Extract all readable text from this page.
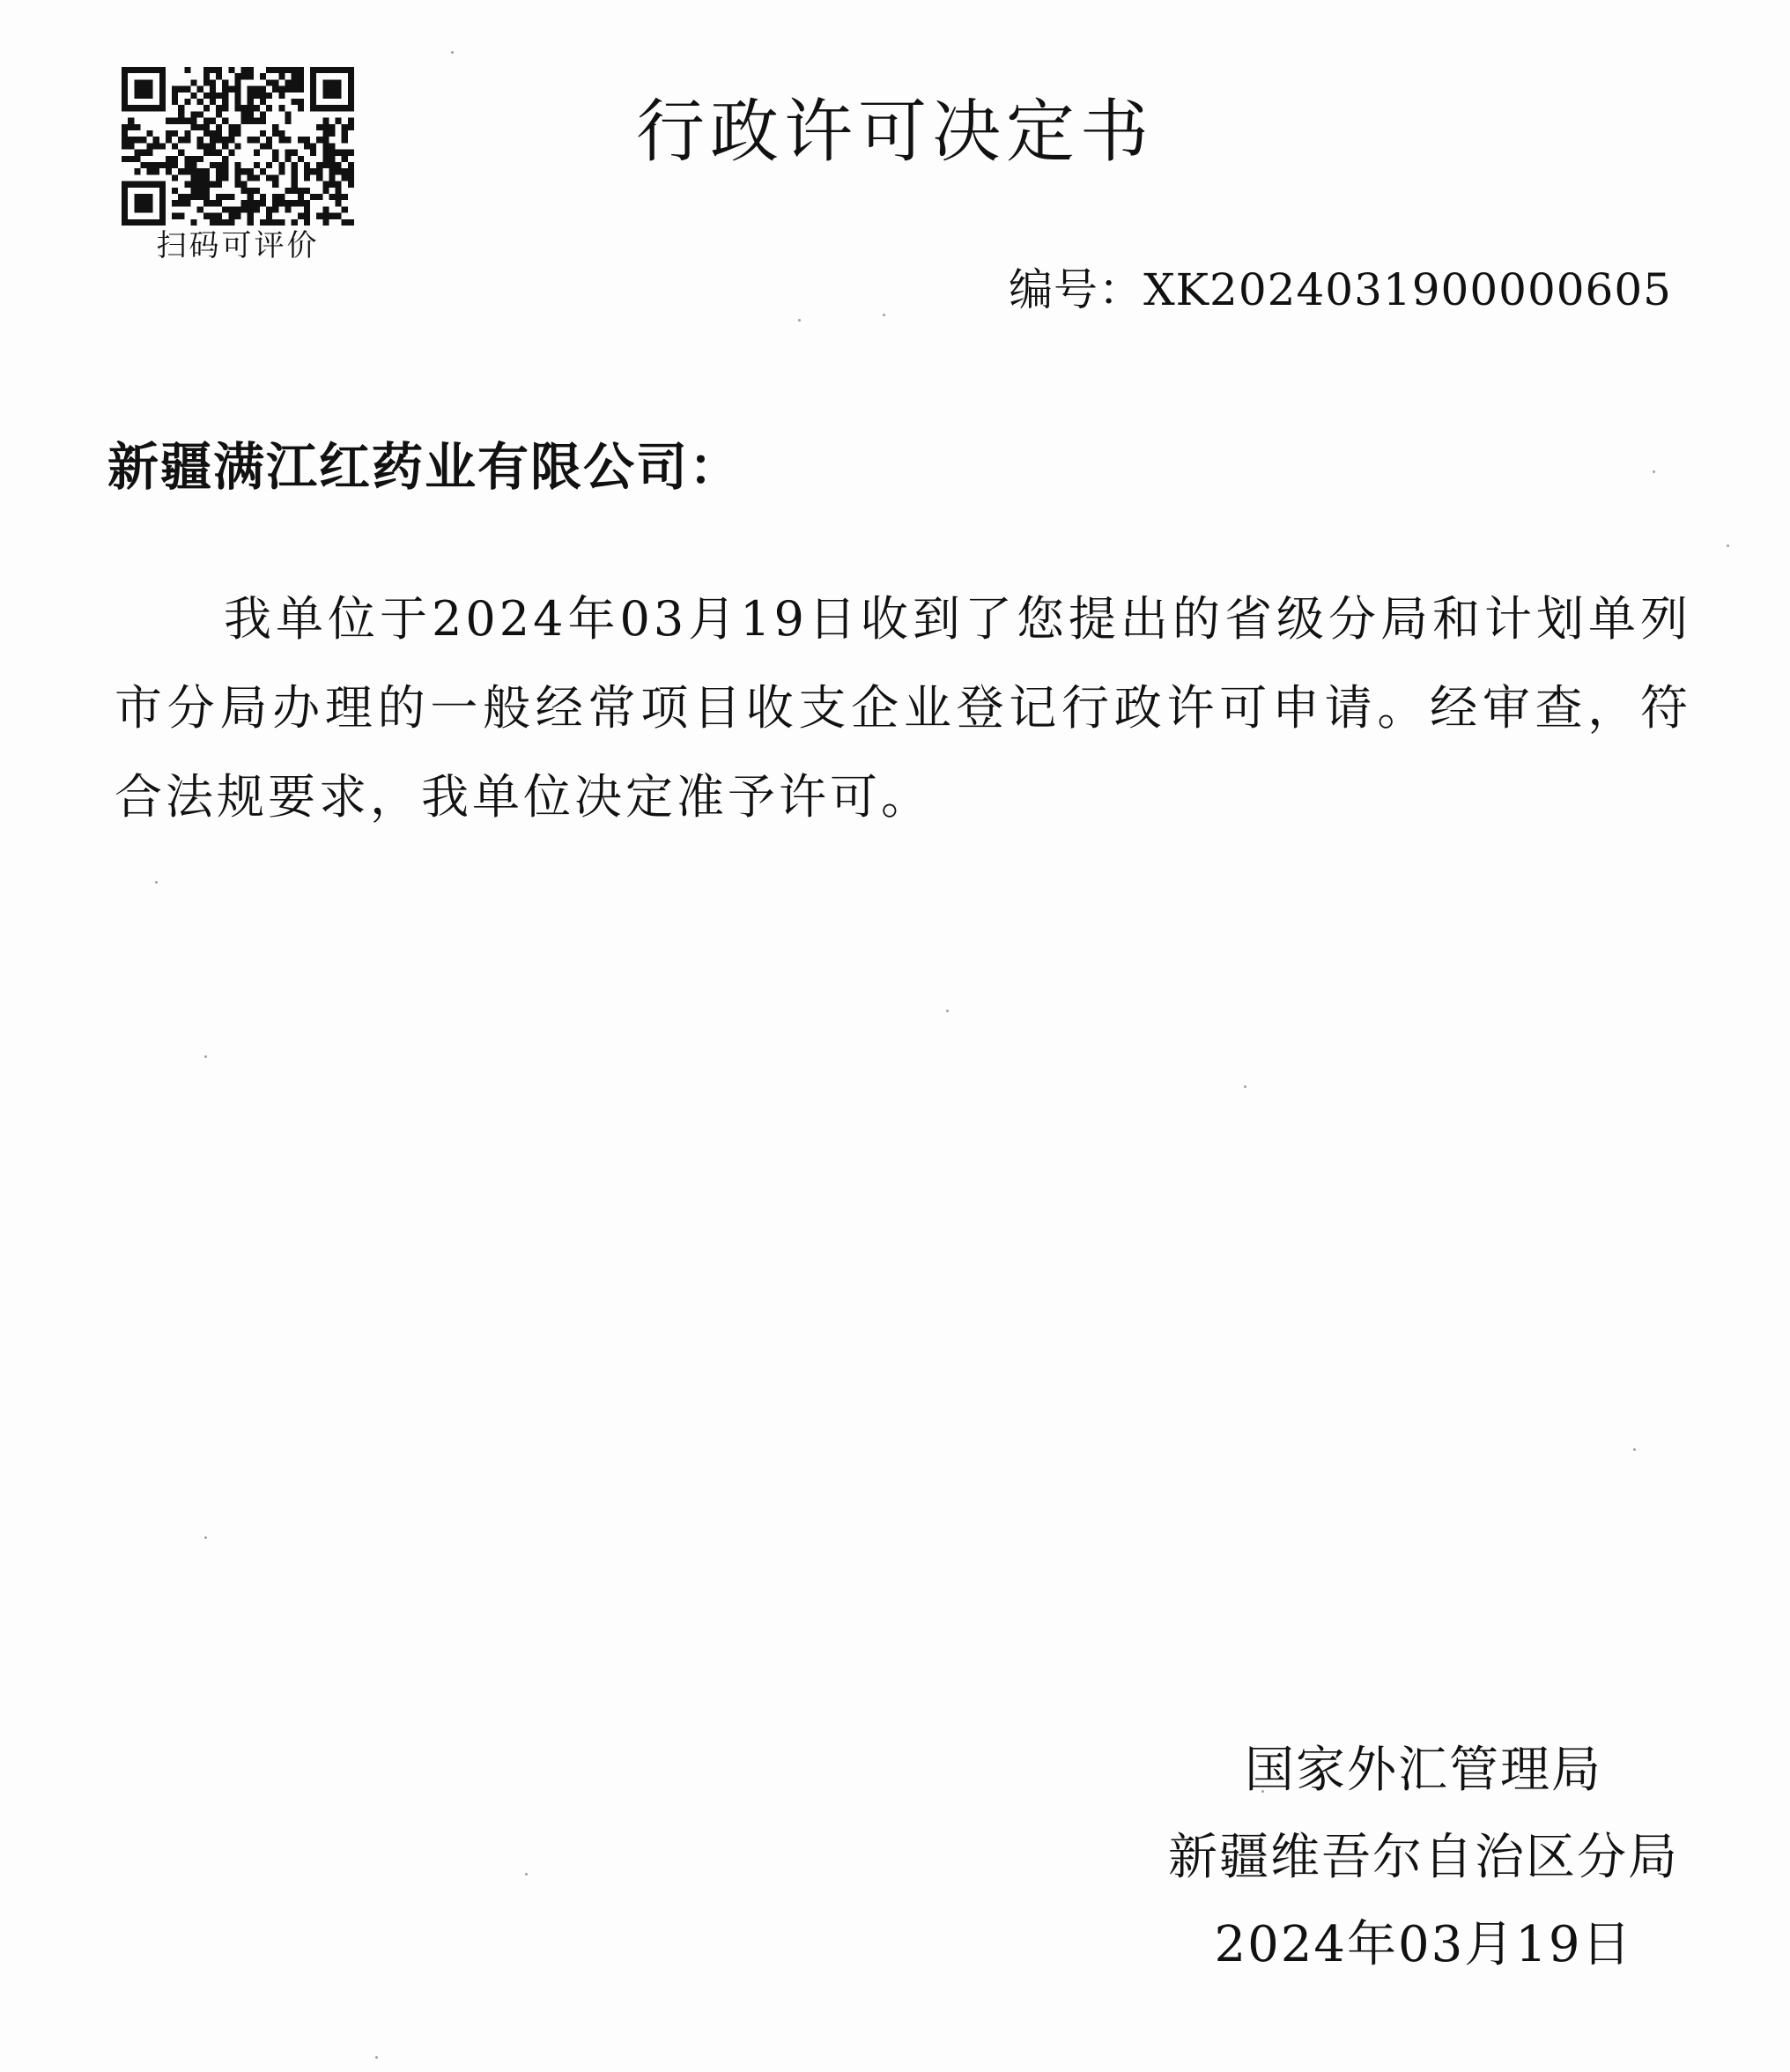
扫码可评价
行政许可决定书
编号：XK2024031900000605
新疆满江红药业有限公司：

我单位于2024年03月19日收到了您提出的省级分局和计划单列市分局办理的一般经常项目收支企业登记行政许可申请。经审查，符合法规要求，我单位决定准予许可。

国家外汇管理局
新疆维吾尔自治区分局
2024年03月19日
